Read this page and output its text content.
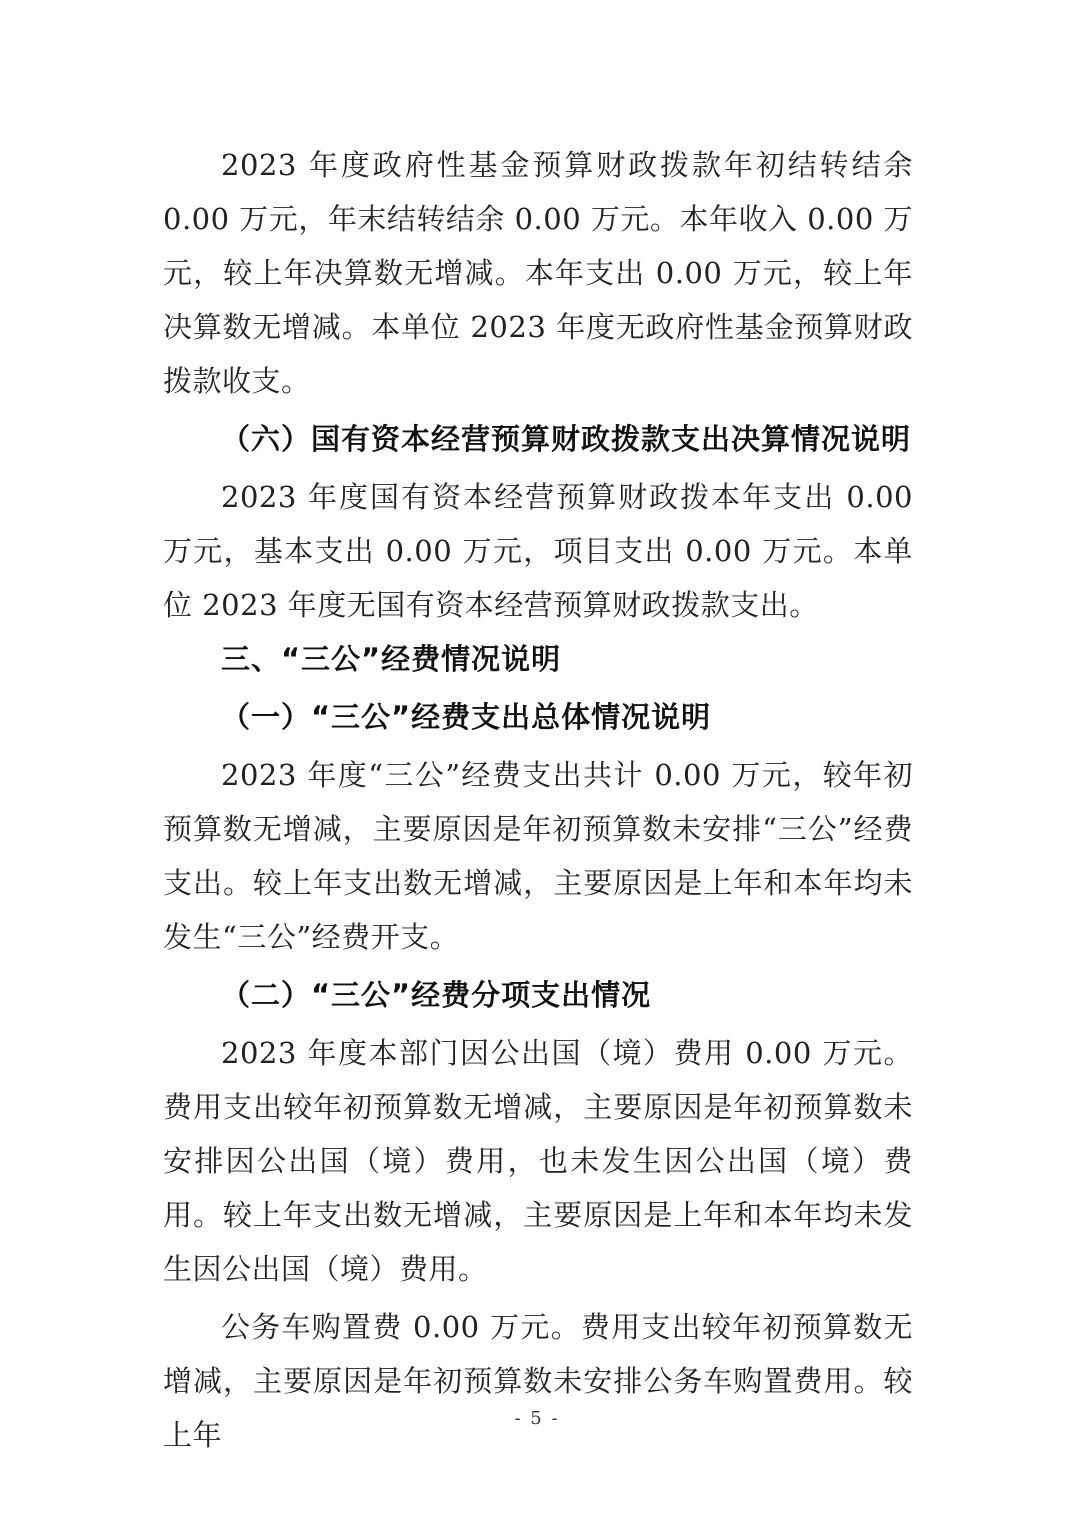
2023 年度政府性基金预算财政拨款年初结转结余 0.00 万元，年末结转结余 0.00 万元。本年收入 0.00 万元，较上年决算数无增减。本年支出 0.00 万元，较上年决算数无增减。本单位 2023 年度无政府性基金预算财政拨款收支。

（六）国有资本经营预算财政拨款支出决算情况说明

2023 年度国有资本经营预算财政拨本年支出 0.00 万元，基本支出 0.00 万元，项目支出 0.00 万元。本单位 2023 年度无国有资本经营预算财政拨款支出。

三、“三公”经费情况说明

（一）“三公”经费支出总体情况说明

2023 年度“三公”经费支出共计 0.00 万元，较年初预算数无增减，主要原因是年初预算数未安排“三公”经费支出。较上年支出数无增减，主要原因是上年和本年均未发生“三公”经费开支。

（二）“三公”经费分项支出情况

2023 年度本部门因公出国（境）费用 0.00 万元。费用支出较年初预算数无增减，主要原因是年初预算数未安排因公出国（境）费用，也未发生因公出国（境）费用。较上年支出数无增减，主要原因是上年和本年均未发生因公出国（境）费用。

公务车购置费 0.00 万元。费用支出较年初预算数无增减，主要原因是年初预算数未安排公务车购置费用。较上年	- 5 -
